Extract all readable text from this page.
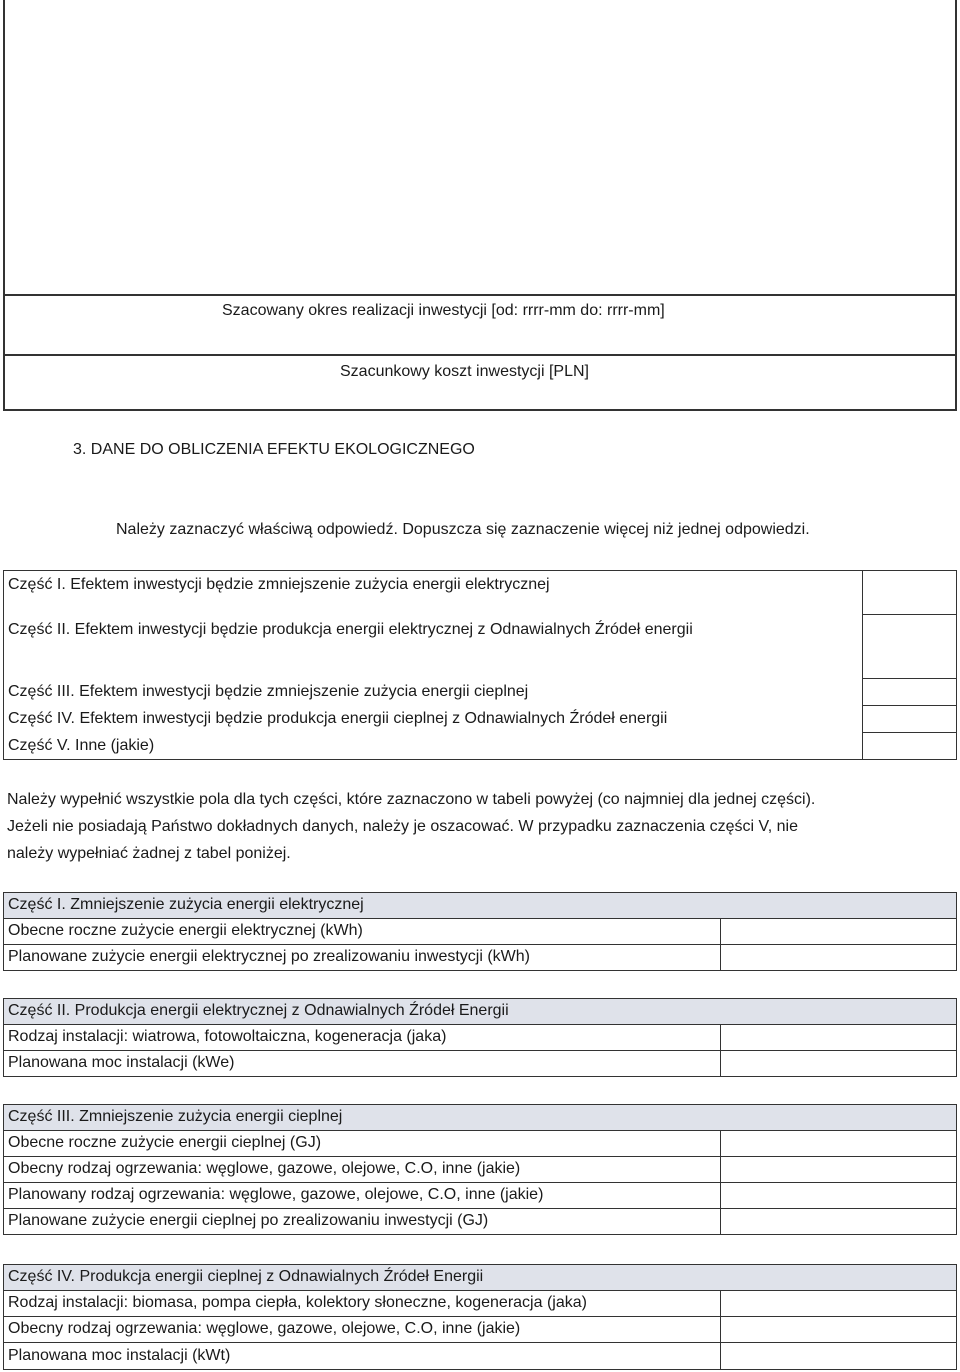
Szacowany okres realizacji inwestycji [od: rrrr-mm do: rrrr-mm]
Szacunkowy koszt inwestycji [PLN]
3. DANE DO OBLICZENIA EFEKTU EKOLOGICZNEGO
Należy zaznaczyć właściwą odpowiedź. Dopuszcza się zaznaczenie więcej niż jednej odpowiedzi.
Część I. Efektem inwestycji będzie zmniejszenie zużycia energii elektrycznej
Część II. Efektem inwestycji będzie produkcja energii elektrycznej z Odnawialnych Źródeł energii
Część III. Efektem inwestycji będzie zmniejszenie zużycia energii cieplnej
Część IV. Efektem inwestycji będzie produkcja energii cieplnej z Odnawialnych Źródeł energii
Część V. Inne (jakie)
Należy wypełnić wszystkie pola dla tych części, które zaznaczono w tabeli powyżej (co najmniej dla jednej części). Jeżeli nie posiadają Państwo dokładnych danych, należy je oszacować. W przypadku zaznaczenia części V, nie należy wypełniać żadnej z tabel poniżej.
Część I. Zmniejszenie zużycia energii elektrycznej
Obecne roczne zużycie energii elektrycznej (kWh)
Planowane zużycie energii elektrycznej po zrealizowaniu inwestycji (kWh)
Część II. Produkcja energii elektrycznej z Odnawialnych Źródeł Energii
Rodzaj instalacji: wiatrowa, fotowoltaiczna, kogeneracja (jaka)
Planowana moc instalacji (kWe)
Część III. Zmniejszenie zużycia energii cieplnej
Obecne roczne zużycie energii cieplnej (GJ)
Obecny rodzaj ogrzewania: węglowe, gazowe, olejowe, C.O, inne (jakie)
Planowany rodzaj ogrzewania: węglowe, gazowe, olejowe, C.O, inne (jakie)
Planowane zużycie energii cieplnej po zrealizowaniu inwestycji (GJ)
Część IV. Produkcja energii cieplnej z Odnawialnych Źródeł Energii
Rodzaj instalacji: biomasa, pompa ciepła, kolektory słoneczne, kogeneracja (jaka)
Obecny rodzaj ogrzewania: węglowe, gazowe, olejowe, C.O, inne (jakie)
Planowana moc instalacji (kWt)
